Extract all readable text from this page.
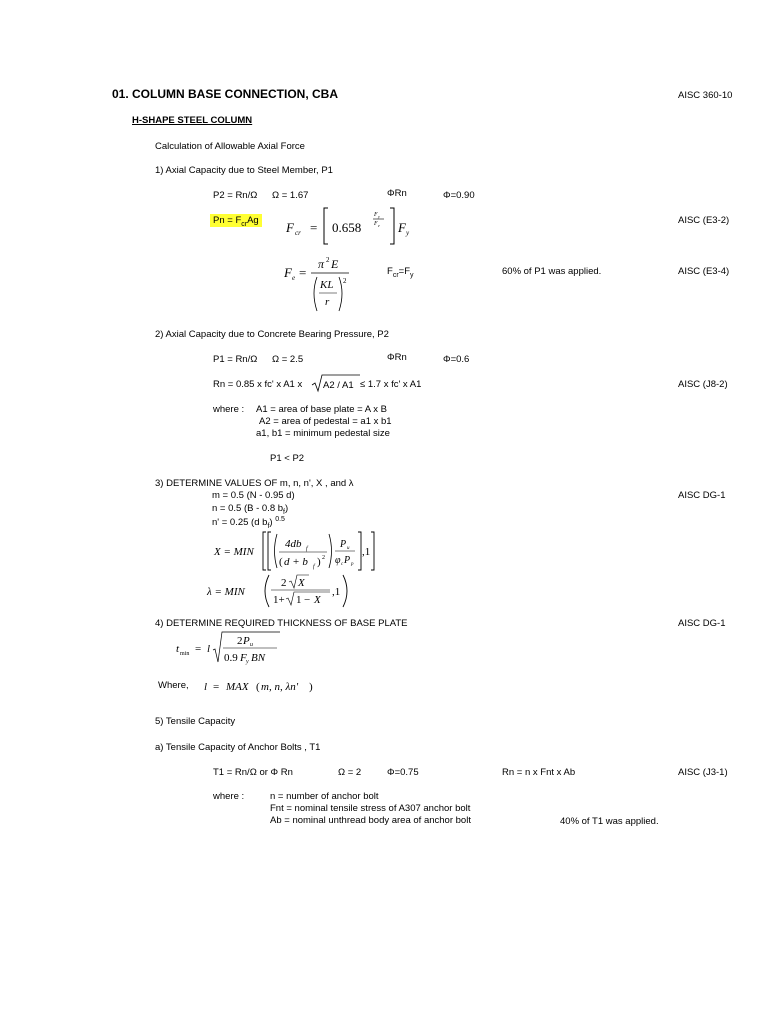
01. COLUMN BASE CONNECTION, CBA	AISC 360-10
H-SHAPE STEEL COLUMN
Calculation of Allowable Axial Force
1) Axial Capacity due to Steel Member, P1
P2 = Rn/Ω Ω = 1.67	ΦRn	Φ=0.90
$Pn = F_{cr}Ag$ F cr = 0.658
F y
F e F y
AISC (E3-2)
F e =
π 2 E
KL
r
2
$F_{cr}=F_y$	60% of P1 was applied.	AISC (E3-4)
2) Axial Capacity due to Concrete Bearing Pressure, P2
P1 = Rn/Ω Ω = 2.5	ΦRn	Φ=0.6
Rn = 0.85 x fc' x A1 x A2 / A1 ≤ 1.7 x fc' x A1	AISC (J8-2)
where : A1 = area of base plate = A x B
A2 = area of pedestal = a1 x b1
a1, b1 = minimum pedestal size
P1 < P2
3) DETERMINE VALUES OF m, n, n', X , and λ
m = 0.5 (N - 0.95 d)
n = 0.5 (B - 0.8 $b_f$)
n' = 0.25 (d $b_f$) $^{0.5}$
AISC DG-1
X = MIN
4db f
( d + b f ) 2
P u
φ c P p
,1
λ = MIN
2 X
1+ 1 − X
,1
4) DETERMINE REQUIRED THICKNESS OF BASE PLATE	AISC DG-1
t min = l
2 P u
0.9 F y BN
Where, l = MAX ( m, n, λn' )
5) Tensile Capacity
a) Tensile Capacity of Anchor Bolts , T1
T1 = Rn/Ω or Φ Rn	Ω = 2	Φ=0.75	Rn = n x Fnt x Ab	AISC (J3-1)
where :	n = number of anchor bolt
Fnt = nominal tensile stress of A307 anchor bolt
Ab = nominal unthread body area of anchor bolt	40% of T1 was applied.
